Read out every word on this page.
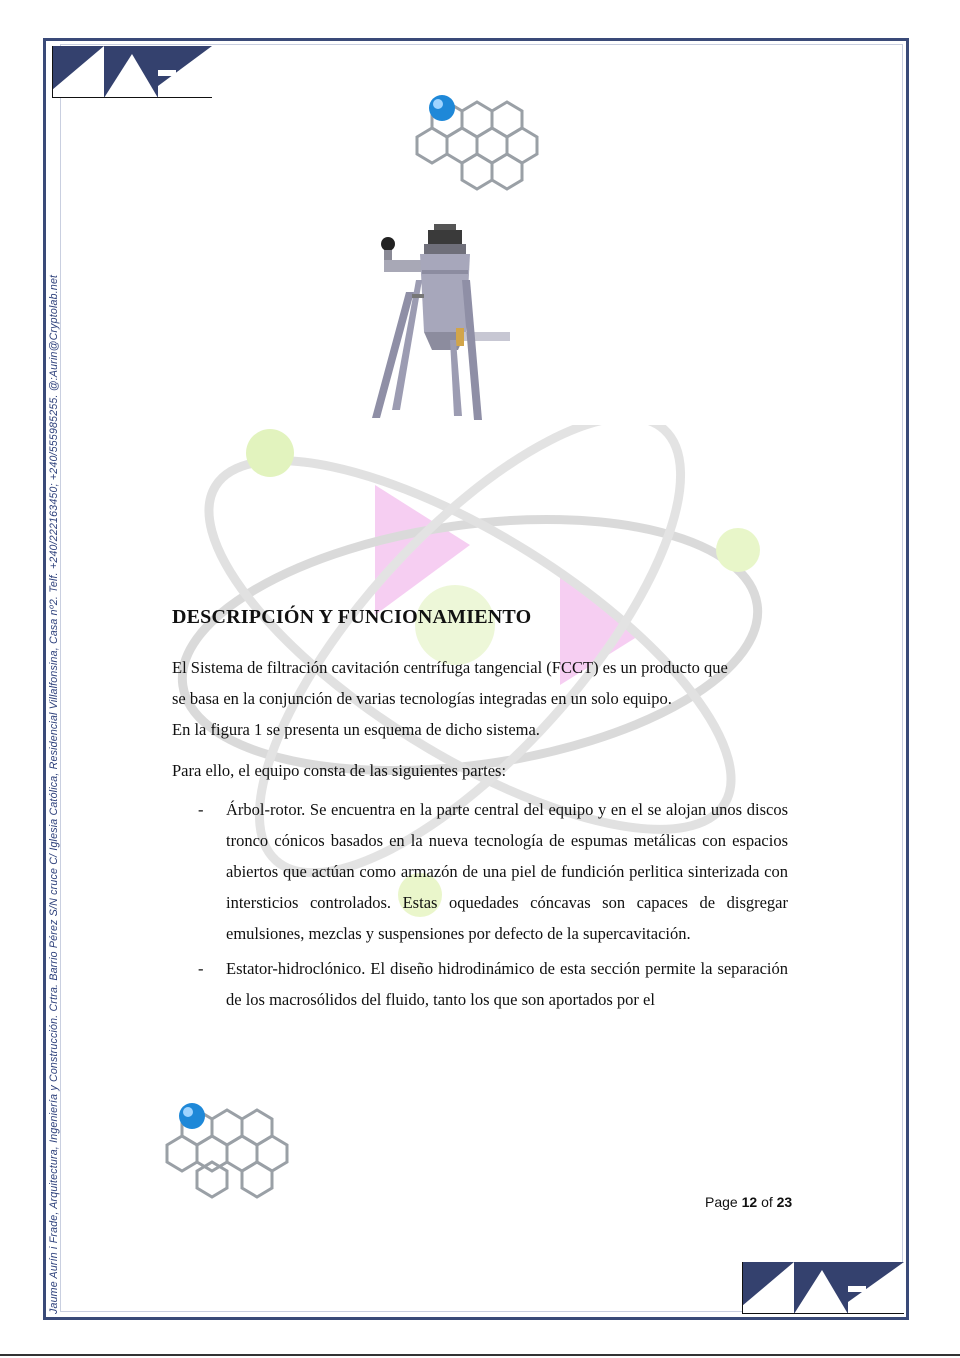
Jaume Aurín i Frade, Arquitectura, Ingeniería y Construcción. Crtra. Barrio Pérez S/N cruce C/ Iglesia Católica, Residencial Villalfonsina, Casa nº2. Telf. +240/222163450; +240/555985255. @:Aurin@Cryptolab.net	DESCRIPCIÓN Y FUNCIONAMIENTO
El Sistema de filtración cavitación centrífuga tangencial (FCCT) es un producto que
se basa en la conjunción de varias tecnologías integradas en un solo equipo.
En la figura 1 se presenta un esquema de dicho sistema.
Para ello, el equipo consta de las siguientes partes:
- Árbol-rotor. Se encuentra en la parte central del equipo y en el se alojan unos discos tronco cónicos basados en la nueva tecnología de espumas metálicas con espacios abiertos que actúan como armazón de una piel de fundición perlitica sinterizada con intersticios controlados. Estas oquedades cóncavas son capaces de disgregar emulsiones, mezclas y suspensiones por defecto de la supercavitación.
- Estator-hidroclónico. El diseño hidrodinámico de esta sección permite la separación de los macrosólidos del fluido, tanto los que son aportados por el
Page 12 of 23
